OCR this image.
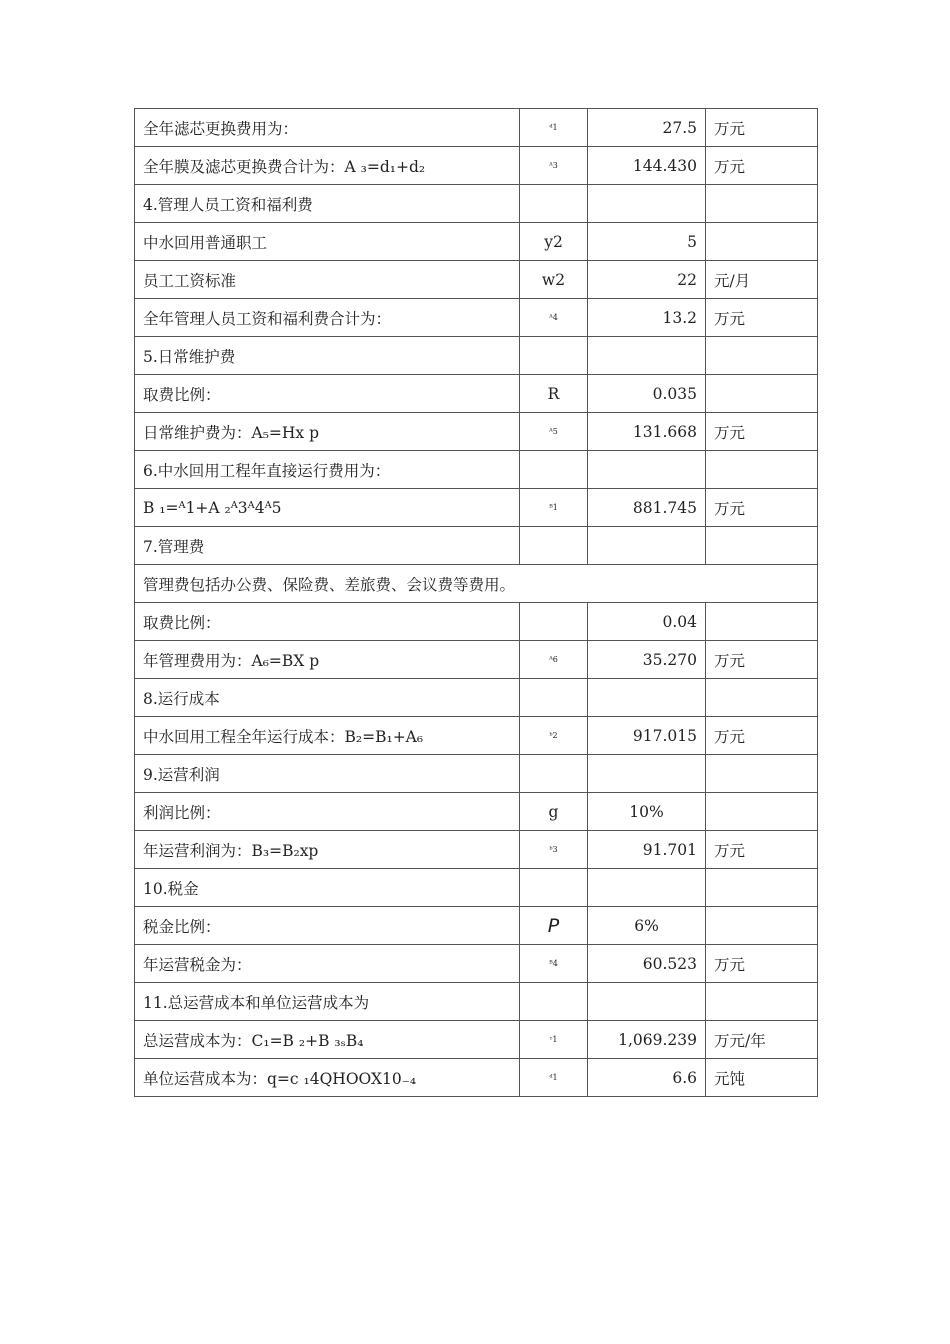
全年滤芯更换费用为：	ᵈ1	27.5	万元
全年膜及滤芯更换费合计为：A ₃=d₁+d₂	ᴬ3	144.430	万元
4.管理人员工资和福利费			
中水回用普通职工	y2	5	
员工工资标准	w2	22	元/月
全年管理人员工资和福利费合计为：	ᴬ4	13.2	万元
5.日常维护费			
取费比例：	R	0.035	
日常维护费为：A₅=Hx p	ᴬ5	131.668	万元
6.中水回用工程年直接运行费用为：			
B ₁=ᴬ1+A ₂ᴬ3ᴬ4ᴬ5	ᴮ1	881.745	万元
7.管理费			
管理费包括办公费、保险费、差旅费、会议费等费用。			
取费比例：		0.04	
年管理费用为：A₆=BX p	ᴬ6	35.270	万元
8.运行成本			
中水回用工程全年运行成本：B₂=B₁+A₆	ᵇ2	917.015	万元
9.运营利润			
利润比例：	g	10%	
年运营利润为：B₃=B₂xp	ᵇ3	91.701	万元
10.税金			
税金比例：	P	6%	
年运营税金为：	ᴮ4	60.523	万元
11.总运营成本和单位运营成本为			
总运营成本为：C₁=B ₂+B ₃ₛB₄	ᶜ1	1,069.239	万元/年
单位运营成本为：q=c ₁4QHOOX10₋₄	ᵈ1	6.6	元饨
